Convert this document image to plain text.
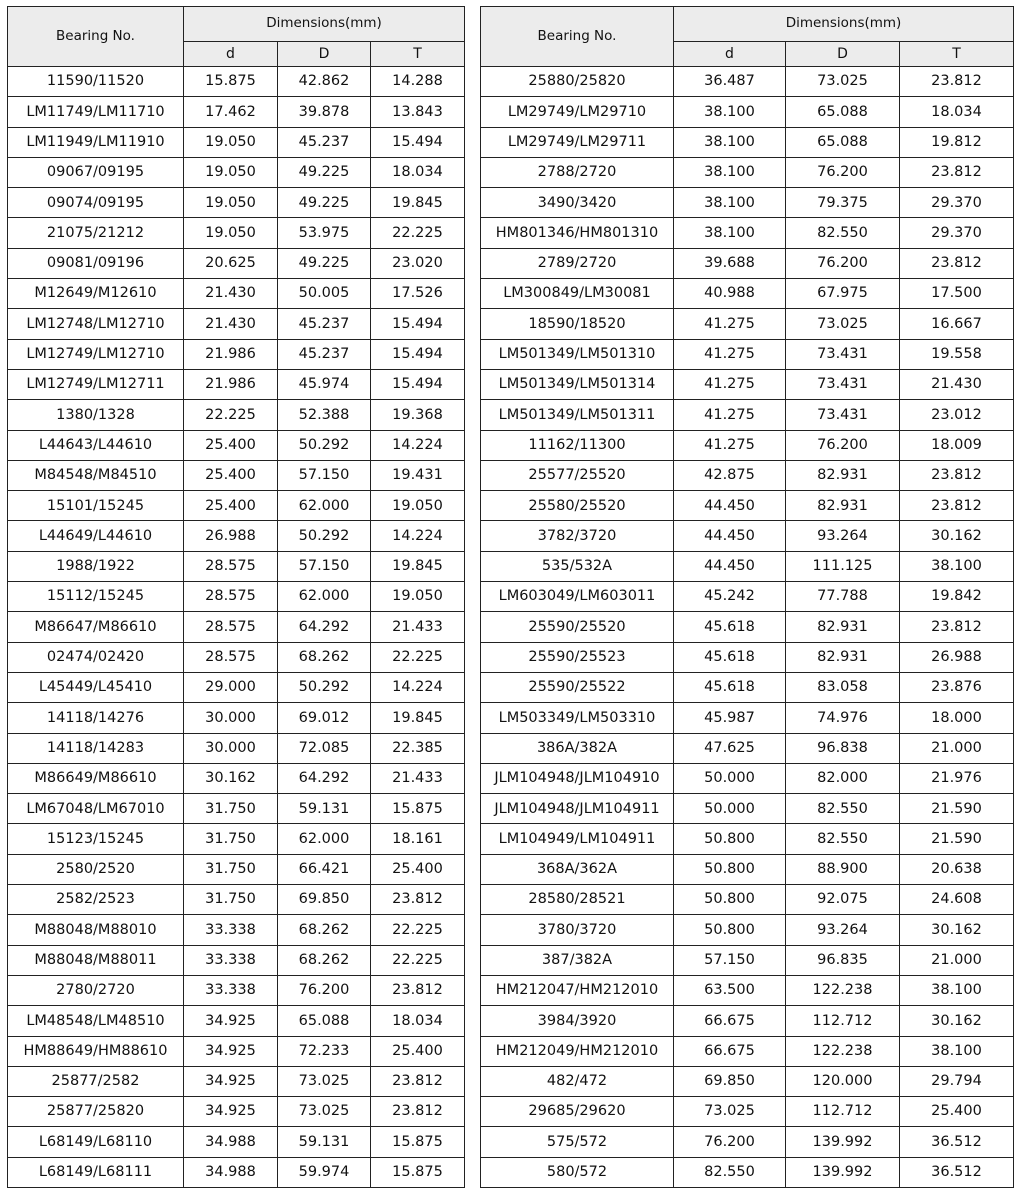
Bearing No.	Dimensions(mm)		
	d	D	T
11590/11520	15.875	42.862	14.288
LM11749/LM11710	17.462	39.878	13.843
LM11949/LM11910	19.050	45.237	15.494
09067/09195	19.050	49.225	18.034
09074/09195	19.050	49.225	19.845
21075/21212	19.050	53.975	22.225
09081/09196	20.625	49.225	23.020
M12649/M12610	21.430	50.005	17.526
LM12748/LM12710	21.430	45.237	15.494
LM12749/LM12710	21.986	45.237	15.494
LM12749/LM12711	21.986	45.974	15.494
1380/1328	22.225	52.388	19.368
L44643/L44610	25.400	50.292	14.224
M84548/M84510	25.400	57.150	19.431
15101/15245	25.400	62.000	19.050
L44649/L44610	26.988	50.292	14.224
1988/1922	28.575	57.150	19.845
15112/15245	28.575	62.000	19.050
M86647/M86610	28.575	64.292	21.433
02474/02420	28.575	68.262	22.225
L45449/L45410	29.000	50.292	14.224
14118/14276	30.000	69.012	19.845
14118/14283	30.000	72.085	22.385
M86649/M86610	30.162	64.292	21.433
LM67048/LM67010	31.750	59.131	15.875
15123/15245	31.750	62.000	18.161
2580/2520	31.750	66.421	25.400
2582/2523	31.750	69.850	23.812
M88048/M88010	33.338	68.262	22.225
M88048/M88011	33.338	68.262	22.225
2780/2720	33.338	76.200	23.812
LM48548/LM48510	34.925	65.088	18.034
HM88649/HM88610	34.925	72.233	25.400
25877/2582	34.925	73.025	23.812
25877/25820	34.925	73.025	23.812
L68149/L68110	34.988	59.131	15.875
L68149/L68111	34.988	59.974	15.875
Bearing No.	Dimensions(mm)		
	d	D	T
25880/25820	36.487	73.025	23.812
LM29749/LM29710	38.100	65.088	18.034
LM29749/LM29711	38.100	65.088	19.812
2788/2720	38.100	76.200	23.812
3490/3420	38.100	79.375	29.370
HM801346/HM801310	38.100	82.550	29.370
2789/2720	39.688	76.200	23.812
LM300849/LM30081	40.988	67.975	17.500
18590/18520	41.275	73.025	16.667
LM501349/LM501310	41.275	73.431	19.558
LM501349/LM501314	41.275	73.431	21.430
LM501349/LM501311	41.275	73.431	23.012
11162/11300	41.275	76.200	18.009
25577/25520	42.875	82.931	23.812
25580/25520	44.450	82.931	23.812
3782/3720	44.450	93.264	30.162
535/532A	44.450	111.125	38.100
LM603049/LM603011	45.242	77.788	19.842
25590/25520	45.618	82.931	23.812
25590/25523	45.618	82.931	26.988
25590/25522	45.618	83.058	23.876
LM503349/LM503310	45.987	74.976	18.000
386A/382A	47.625	96.838	21.000
JLM104948/JLM104910	50.000	82.000	21.976
JLM104948/JLM104911	50.000	82.550	21.590
LM104949/LM104911	50.800	82.550	21.590
368A/362A	50.800	88.900	20.638
28580/28521	50.800	92.075	24.608
3780/3720	50.800	93.264	30.162
387/382A	57.150	96.835	21.000
HM212047/HM212010	63.500	122.238	38.100
3984/3920	66.675	112.712	30.162
HM212049/HM212010	66.675	122.238	38.100
482/472	69.850	120.000	29.794
29685/29620	73.025	112.712	25.400
575/572	76.200	139.992	36.512
580/572	82.550	139.992	36.512
